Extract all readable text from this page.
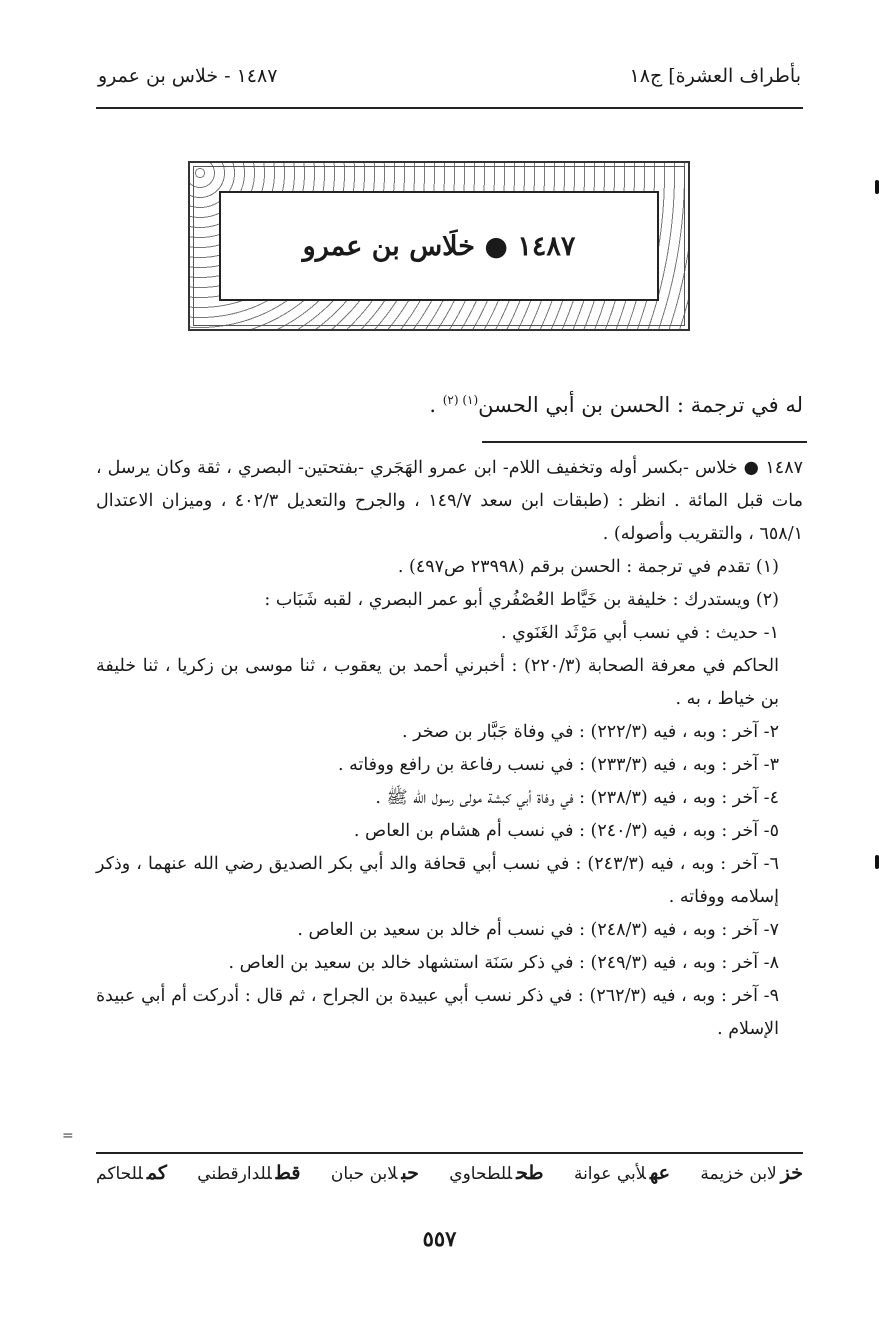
بأطراف العشرة] ج١٨
١٤٨٧ - خلاس بن عمرو
١٤٨٧ ● خلَاس بن عمرو
له في ترجمة : الحسن بن أبي الحسن$^{(١) (٢)}$ .

١٤٨٧ ● خلاس -بكسر أوله وتخفيف اللام- ابن عمرو الهَجَري -بفتحتين- البصري ، ثقة وكان يرسل ، مات قبل المائة . انظر : (طبقات ابن سعد ١٤٩/٧ ، والجرح والتعديل ٤٠٢/٣ ، وميزان الاعتدال ٦٥٨/١ ، والتقريب وأصوله) .

(١) تقدم في ترجمة : الحسن برقم (٢٣٩٩٨ ص٤٩٧) .

(٢) ويستدرك : خليفة بن خَيَّاط العُصْفُري أبو عمر البصري ، لقبه شَبَاب :

١- حديث : في نسب أبي مَرْثَد الغَنَوي .

الحاكم في معرفة الصحابة (٢٢٠/٣) : أخبرني أحمد بن يعقوب ، ثنا موسى بن زكريا ، ثنا خليفة بن خياط ، به .

٢- آخر : وبه ، فيه (٢٢٢/٣) : في وفاة جَبَّار بن صخر .

٣- آخر : وبه ، فيه (٢٣٣/٣) : في نسب رفاعة بن رافع ووفاته .

٤- آخر : وبه ، فيه (٢٣٨/٣) : في وفاة أبي كبشة مولى رسول الله ﷺ .

٥- آخر : وبه ، فيه (٢٤٠/٣) : في نسب أم هشام بن العاص .

٦- آخر : وبه ، فيه (٢٤٣/٣) : في نسب أبي قحافة والد أبي بكر الصديق رضي الله عنهما ، وذكر إسلامه ووفاته .

٧- آخر : وبه ، فيه (٢٤٨/٣) : في نسب أم خالد بن سعيد بن العاص .

٨- آخر : وبه ، فيه (٢٤٩/٣) : في ذكر سَنَة استشهاد خالد بن سعيد بن العاص .

٩- آخر : وبه ، فيه (٢٦٢/٣) : في ذكر نسب أبي عبيدة بن الجراح ، ثم قال : أدركت أم أبي عبيدة الإسلام .

خزلابن خزيمة
عهلأبي عوانة
طحللطحاوي
حبلابن حبان
قطللدارقطني
كمللحاكم
٥٥٧
=
